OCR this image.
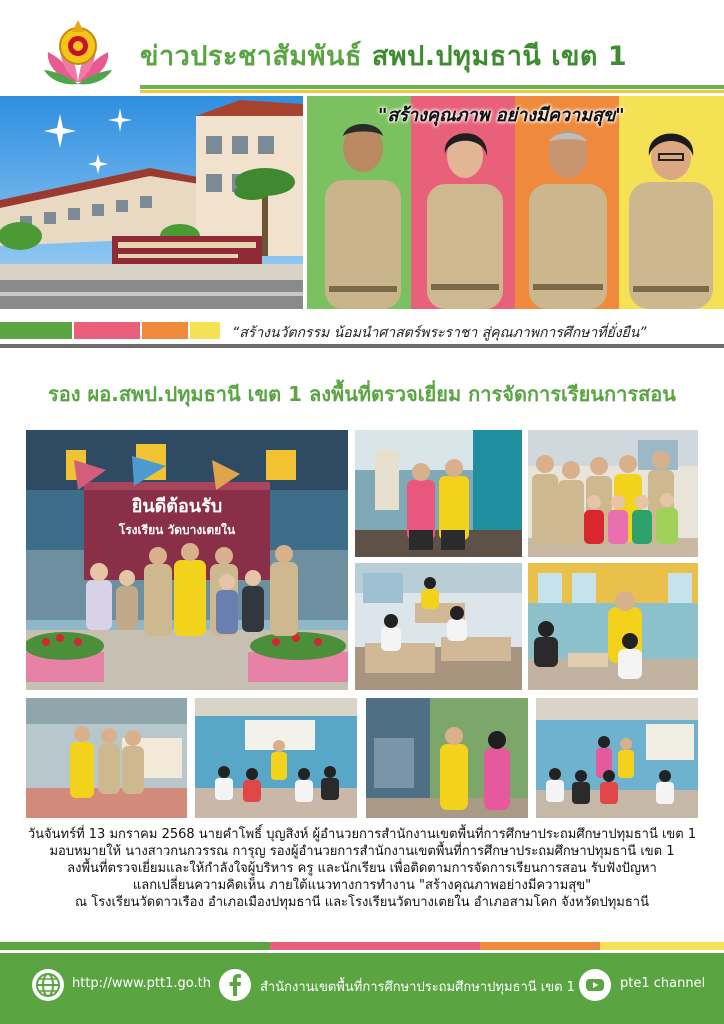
ข่าวประชาสัมพันธ์ สพป.ปทุมธานี เขต 1
"สร้างคุณภาพ อย่างมีความสุข"
“สร้างนวัตกรรม น้อมนำศาสตร์พระราชา สู่คุณภาพการศึกษาที่ยั่งยืน”
รอง ผอ.สพป.ปทุมธานี เขต 1 ลงพื้นที่ตรวจเยี่ยม การจัดการเรียนการสอน
ยินดีต้อนรับ
โรงเรียน วัดบางเตยใน
วันจันทร์ที่ 13 มกราคม 2568 นายคำโพธิ์ บุญสิงห์ ผู้อำนวยการสำนักงานเขตพื้นที่การศึกษาประถมศึกษาปทุมธานี เขต 1
มอบหมายให้ นางสาวกนกวรรณ การุญ รองผู้อำนวยการสำนักงานเขตพื้นที่การศึกษาประถมศึกษาปทุมธานี เขต 1
ลงพื้นที่ตรวจเยี่ยมและให้กำลังใจผู้บริหาร ครู และนักเรียน เพื่อติดตามการจัดการเรียนการสอน รับฟังปัญหา
แลกเปลี่ยนความคิดเห็น ภายใต้แนวทางการทำงาน "สร้างคุณภาพอย่างมีความสุข"
ณ โรงเรียนวัดดาวเรือง อำเภอเมืองปทุมธานี และโรงเรียนวัดบางเตยใน อำเภอสามโคก จังหวัดปทุมธานี
http://www.ptt1.go.th	สำนักงานเขตพื้นที่การศึกษาประถมศึกษาปทุมธานี เขต 1	pte1 channel
